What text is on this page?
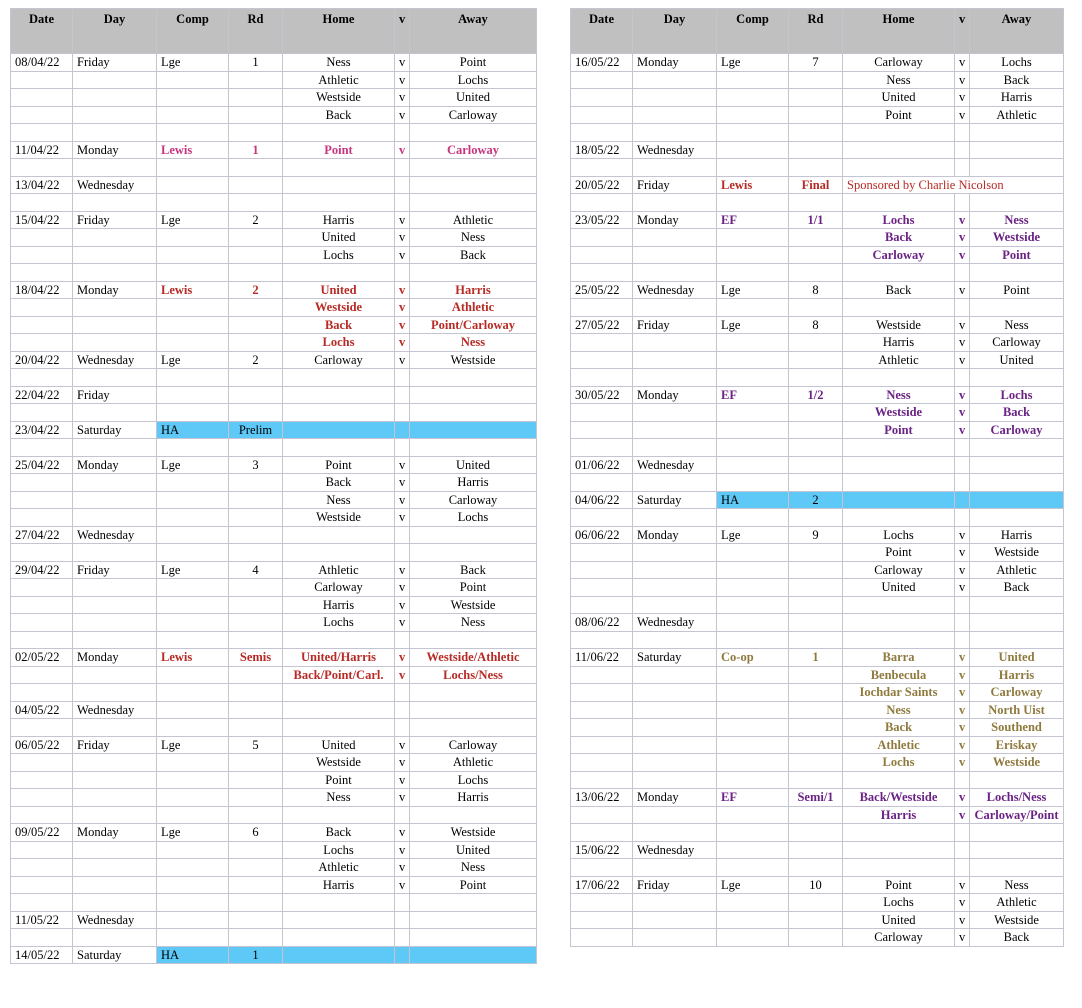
Date	Day	Comp	Rd	Home	v	Away
08/04/22	Friday	Lge	1	Ness	v	Point
				Athletic	v	Lochs
				Westside	v	United
				Back	v	Carloway

11/04/22	Monday	Lewis	1	Point	v	Carloway

13/04/22	Wednesday					

15/04/22	Friday	Lge	2	Harris	v	Athletic
				United	v	Ness
				Lochs	v	Back

18/04/22	Monday	Lewis	2	United	v	Harris
				Westside	v	Athletic
				Back	v	Point/Carloway
				Lochs	v	Ness
20/04/22	Wednesday	Lge	2	Carloway	v	Westside

22/04/22	Friday					

23/04/22	Saturday	HA	Prelim			

25/04/22	Monday	Lge	3	Point	v	United
				Back	v	Harris
				Ness	v	Carloway
				Westside	v	Lochs
27/04/22	Wednesday					

29/04/22	Friday	Lge	4	Athletic	v	Back
				Carloway	v	Point
				Harris	v	Westside
				Lochs	v	Ness

02/05/22	Monday	Lewis	Semis	United/Harris	v	Westside/Athletic
				Back/Point/Carl.	v	Lochs/Ness

04/05/22	Wednesday					

06/05/22	Friday	Lge	5	United	v	Carloway
				Westside	v	Athletic
				Point	v	Lochs
				Ness	v	Harris

09/05/22	Monday	Lge	6	Back	v	Westside
				Lochs	v	United
				Athletic	v	Ness
				Harris	v	Point

11/05/22	Wednesday					

14/05/22	Saturday	HA	1			
Date	Day	Comp	Rd	Home	v	Away
16/05/22	Monday	Lge	7	Carloway	v	Lochs
				Ness	v	Back
				United	v	Harris
				Point	v	Athletic

18/05/22	Wednesday					

20/05/22	Friday	Lewis	Final	Sponsored by Charlie Nicolson		

23/05/22	Monday	EF	1/1	Lochs	v	Ness
				Back	v	Westside
				Carloway	v	Point

25/05/22	Wednesday	Lge	8	Back	v	Point

27/05/22	Friday	Lge	8	Westside	v	Ness
				Harris	v	Carloway
				Athletic	v	United

30/05/22	Monday	EF	1/2	Ness	v	Lochs
				Westside	v	Back
				Point	v	Carloway

01/06/22	Wednesday					

04/06/22	Saturday	HA	2			

06/06/22	Monday	Lge	9	Lochs	v	Harris
				Point	v	Westside
				Carloway	v	Athletic
				United	v	Back

08/06/22	Wednesday					

11/06/22	Saturday	Co-op	1	Barra	v	United
				Benbecula	v	Harris
				Iochdar Saints	v	Carloway
				Ness	v	North Uist
				Back	v	Southend
				Athletic	v	Eriskay
				Lochs	v	Westside

13/06/22	Monday	EF	Semi/1	Back/Westside	v	Lochs/Ness
				Harris	v	Carloway/Point

15/06/22	Wednesday					

17/06/22	Friday	Lge	10	Point	v	Ness
				Lochs	v	Athletic
				United	v	Westside
				Carloway	v	Back
